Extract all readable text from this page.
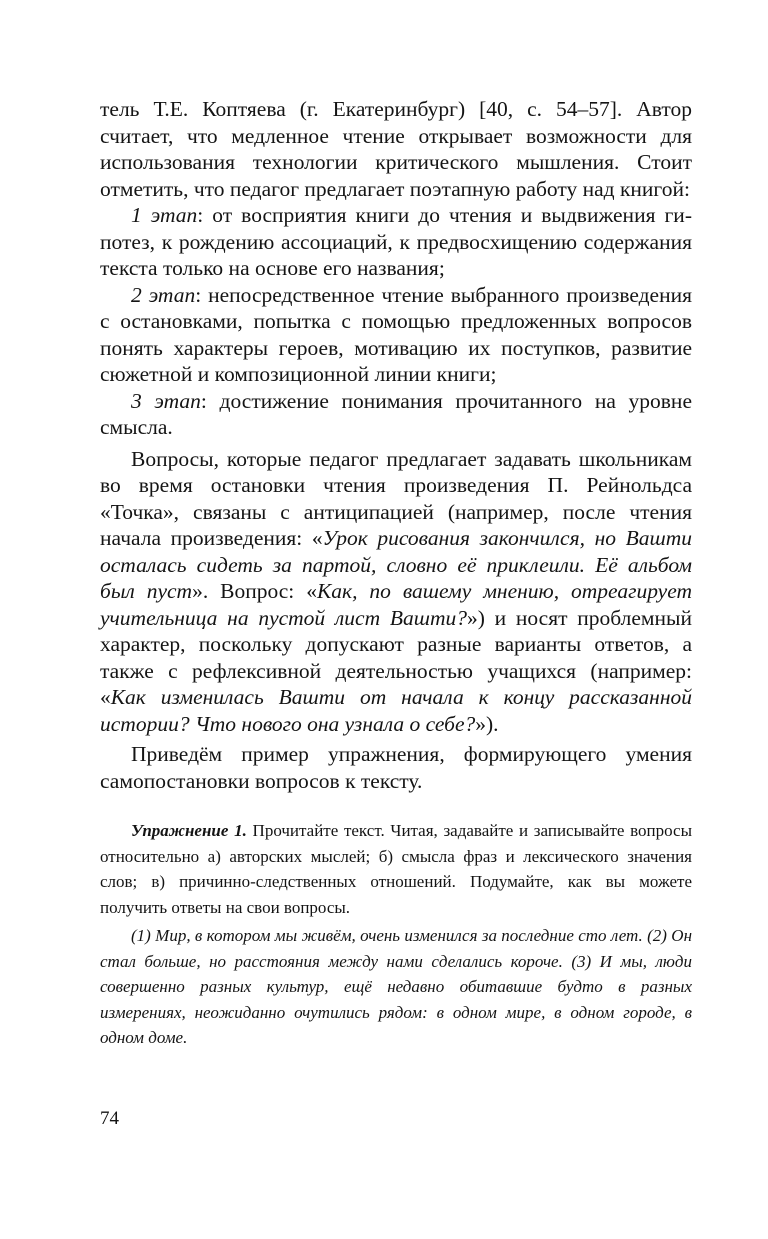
тель Т.Е. Коптяева (г. Екатеринбург) [40, с. 54–57]. Автор считает, что медленное чтение открывает возможности для использования технологии критического мышления. Стоит отметить, что педагог предлагает поэтапную работу над книгой:

1 этап: от восприятия книги до чтения и выдвижения гипотез, к рождению ассоциаций, к предвосхищению содержания текста только на основе его названия;

2 этап: непосредственное чтение выбранного произведения с остановками, попытка с помощью предложенных вопросов понять характеры героев, мотивацию их поступков, развитие сюжетной и композиционной линии книги;

3 этап: достижение понимания прочитанного на уровне смысла.

Вопросы, которые педагог предлагает задавать школьникам во время остановки чтения произведения П. Рейнольдса «Точка», связаны с антиципацией (например, после чтения начала произведения: «Урок рисования закончился, но Вашти осталась сидеть за партой, словно её приклеили. Её альбом был пуст». Вопрос: «Как, по вашему мнению, отреагирует учительница на пустой лист Вашти?») и носят проблемный характер, поскольку допускают разные варианты ответов, а также с рефлексивной деятельностью учащихся (например: «Как изменилась Вашти от начала к концу рассказанной истории? Что нового она узнала о себе?»).

Приведём пример упражнения, формирующего умения самопостановки вопросов к тексту.

Упражнение 1. Прочитайте текст. Читая, задавайте и записывайте вопросы относительно а) авторских мыслей; б) смысла фраз и лексического значения слов; в) причинно-следственных отношений. Подумайте, как вы можете получить ответы на свои вопросы.

(1) Мир, в котором мы живём, очень изменился за последние сто лет. (2) Он стал больше, но расстояния между нами сделались короче. (3) И мы, люди совершенно разных культур, ещё недавно обитавшие будто в разных измерениях, неожиданно очутились рядом: в одном мире, в одном городе, в одном доме.

74
